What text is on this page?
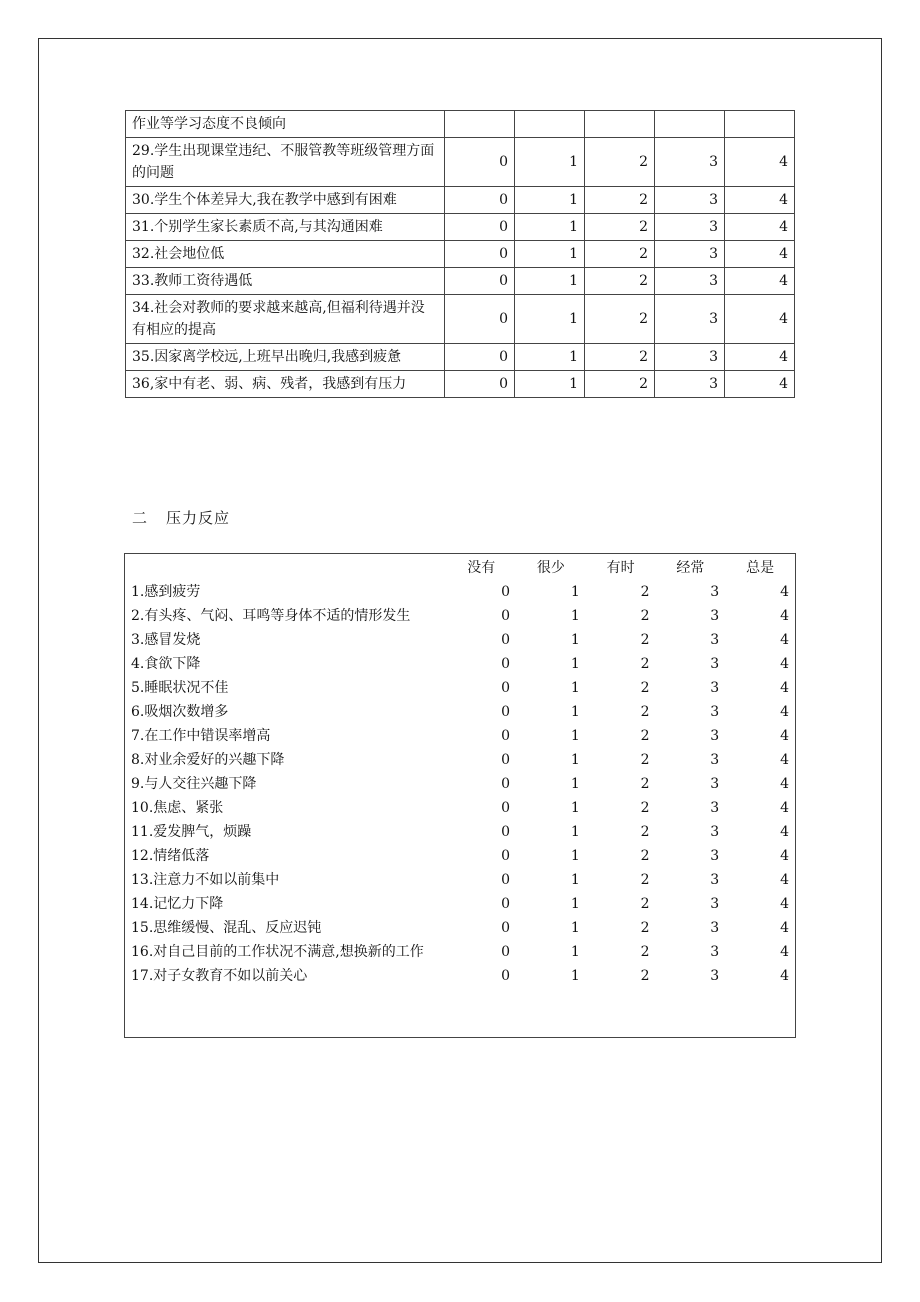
作业等学习态度不良倾向					
29.学生出现课堂违纪、不服管教等班级管理方面的问题	0	1	2	3	4
30.学生个体差异大,我在教学中感到有困难	0	1	2	3	4
31.个别学生家长素质不高,与其沟通困难	0	1	2	3	4
32.社会地位低	0	1	2	3	4
33.教师工资待遇低	0	1	2	3	4
34.社会对教师的要求越来越高,但福利待遇并没有相应的提高	0	1	2	3	4
35.因家离学校远,上班早出晚归,我感到疲惫	0	1	2	3	4
36,家中有老、弱、病、残者，我感到有压力	0	1	2	3	4
二 压力反应
	没有	很少	有时	经常	总是
1.感到疲劳	0	1	2	3	4
2.有头疼、气闷、耳鸣等身体不适的情形发生	0	1	2	3	4
3.感冒发烧	0	1	2	3	4
4.食欲下降	0	1	2	3	4
5.睡眠状况不佳	0	1	2	3	4
6.吸烟次数增多	0	1	2	3	4
7.在工作中错误率增高	0	1	2	3	4
8.对业余爱好的兴趣下降	0	1	2	3	4
9.与人交往兴趣下降	0	1	2	3	4
10.焦虑、紧张	0	1	2	3	4
11.爱发脾气，烦躁	0	1	2	3	4
12.情绪低落	0	1	2	3	4
13.注意力不如以前集中	0	1	2	3	4
14.记忆力下降	0	1	2	3	4
15.思维缓慢、混乱、反应迟钝	0	1	2	3	4
16.对自己目前的工作状况不满意,想换新的工作	0	1	2	3	4
17.对子女教育不如以前关心	0	1	2	3	4
